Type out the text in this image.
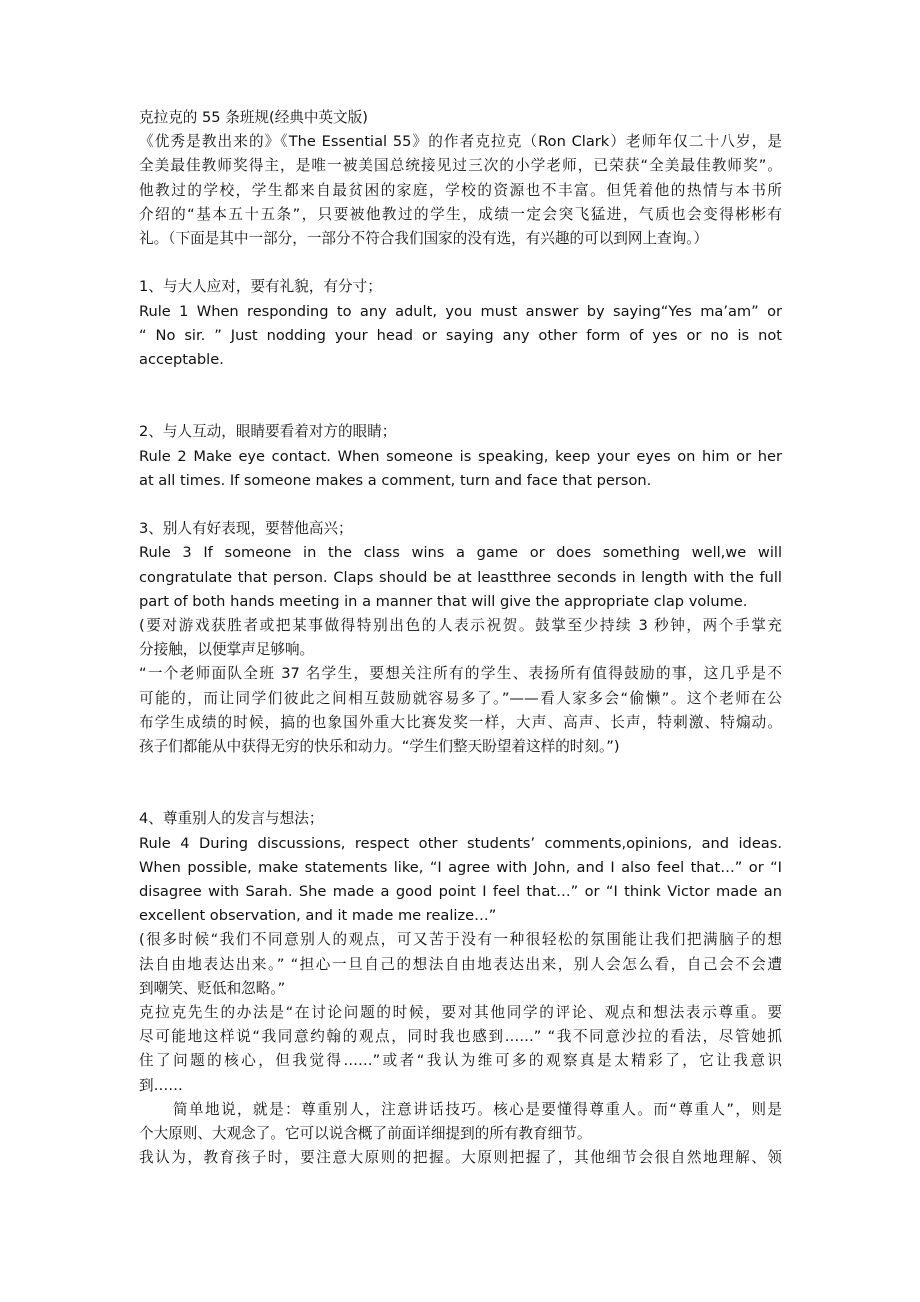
克拉克的 55 条班规(经典中英文版)
《优秀是教出来的》《The Essential 55》的作者克拉克（Ron Clark）老师年仅二十八岁，是
全美最佳教师奖得主，是唯一被美国总统接见过三次的小学老师，已荣获“全美最佳教师奖”。
他教过的学校，学生都来自最贫困的家庭，学校的资源也不丰富。但凭着他的热情与本书所
介绍的“基本五十五条”，只要被他教过的学生，成绩一定会突飞猛进，气质也会变得彬彬有
礼。（下面是其中一部分，一部分不符合我们国家的没有选，有兴趣的可以到网上查询。）
1、与大人应对，要有礼貌，有分寸；
Rule 1 When responding to any adult, you must answer by saying“Yes ma’am” or
“ No sir. ” Just nodding your head or saying any other form of yes or no is not
acceptable.
2、与人互动，眼睛要看着对方的眼睛；
Rule 2 Make eye contact. When someone is speaking, keep your eyes on him or her
at all times. If someone makes a comment, turn and face that person.
3、别人有好表现，要替他高兴；
Rule 3 If someone in the class wins a game or does something well,we will
congratulate that person. Claps should be at leastthree seconds in length with the full
part of both hands meeting in a manner that will give the appropriate clap volume.
(要对游戏获胜者或把某事做得特别出色的人表示祝贺。鼓掌至少持续 3 秒钟，两个手掌充
分接触，以便掌声足够响。
“一个老师面队全班 37 名学生，要想关注所有的学生、表扬所有值得鼓励的事，这几乎是不
可能的，而让同学们彼此之间相互鼓励就容易多了。”——看人家多会“偷懒”。这个老师在公
布学生成绩的时候，搞的也象国外重大比赛发奖一样，大声、高声、长声，特刺激、特煽动。
孩子们都能从中获得无穷的快乐和动力。“学生们整天盼望着这样的时刻。”)
4、尊重别人的发言与想法；
Rule 4 During discussions, respect other students’ comments,opinions, and ideas.
When possible, make statements like, “I agree with John, and I also feel that…” or “I
disagree with Sarah. She made a good point I feel that…” or “I think Victor made an
excellent observation, and it made me realize…”
(很多时候“我们不同意别人的观点，可又苦于没有一种很轻松的氛围能让我们把满脑子的想
法自由地表达出来。” “担心一旦自己的想法自由地表达出来，别人会怎么看，自己会不会遭
到嘲笑、贬低和忽略。”
克拉克先生的办法是“在讨论问题的时候，要对其他同学的评论、观点和想法表示尊重。要
尽可能地这样说“我同意约翰的观点，同时我也感到……” “我不同意沙拉的看法，尽管她抓
住了问题的核心，但我觉得……”或者“我认为维可多的观察真是太精彩了，它让我意识
到……
简单地说，就是：尊重别人，注意讲话技巧。核心是要懂得尊重人。而“尊重人”，则是
个大原则、大观念了。它可以说含概了前面详细提到的所有教育细节。
我认为，教育孩子时，要注意大原则的把握。大原则把握了，其他细节会很自然地理解、领
